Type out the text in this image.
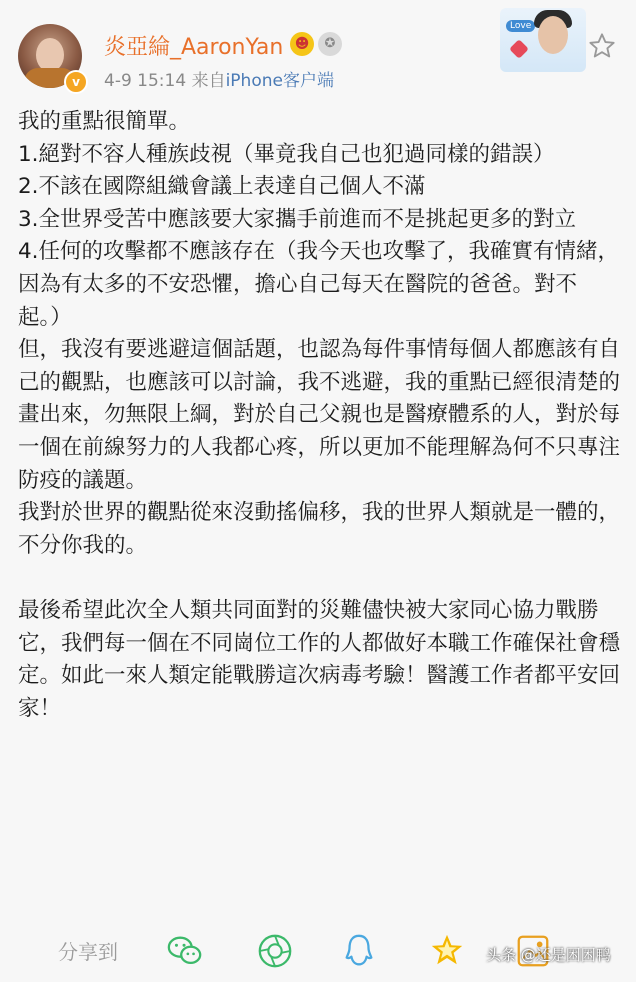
v
炎亞綸_AaronYan ☻	✪
4-9 15:14 来自iPhone客户端
Love
我的重點很簡單。
1.絕對不容人種族歧視（畢竟我自己也犯過同樣的錯誤）
2.不該在國際組織會議上表達自己個人不滿
3.全世界受苦中應該要大家攜手前進而不是挑起更多的對立
4.任何的攻擊都不應該存在（我今天也攻擊了，我確實有情緒，因為有太多的不安恐懼，擔心自己每天在醫院的爸爸。對不起。）
但，我沒有要逃避這個話題，也認為每件事情每個人都應該有自己的觀點，也應該可以討論，我不逃避，我的重點已經很清楚的畫出來，勿無限上綱，對於自己父親也是醫療體系的人，對於每一個在前線努力的人我都心疼，所以更加不能理解為何不只專注防疫的議題。
我對於世界的觀點從來沒動搖偏移，我的世界人類就是一體的，不分你我的。

最後希望此次全人類共同面對的災難儘快被大家同心協力戰勝它，我們每一個在不同崗位工作的人都做好本職工作確保社會穩定。如此一來人類定能戰勝這次病毒考驗！醫護工作者都平安回家！
分享到	头条 @还是困困鸭
